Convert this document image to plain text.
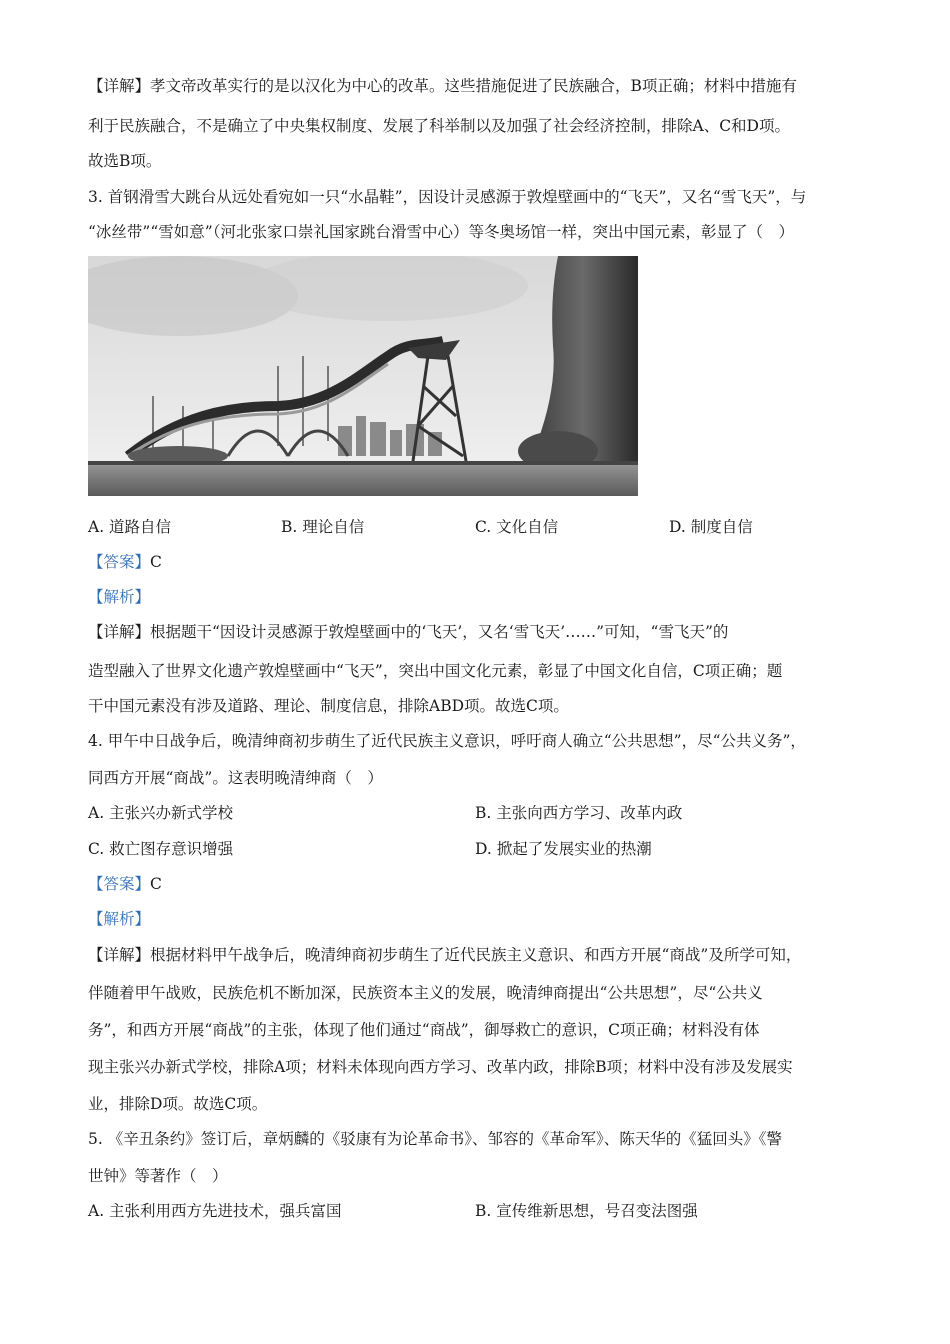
【详解】孝文帝改革实行的是以汉化为中心的改革。这些措施促进了民族融合，B项正确；材料中措施有
利于民族融合，不是确立了中央集权制度、发展了科举制以及加强了社会经济控制，排除A、C和D项。
故选B项。
3. 首钢滑雪大跳台从远处看宛如一只“水晶鞋”，因设计灵感源于敦煌壁画中的“飞天”，又名“雪飞天”，与
“冰丝带”“雪如意”（河北张家口崇礼国家跳台滑雪中心）等冬奥场馆一样，突出中国元素，彰显了（　）
A. 道路自信	B. 理论自信	C. 文化自信	D. 制度自信
【答案】C
【解析】
【详解】根据题干“因设计灵感源于敦煌壁画中的‘飞天’，又名‘雪飞天’……”可知，“雪飞天”的
造型融入了世界文化遗产敦煌壁画中“飞天”，突出中国文化元素，彰显了中国文化自信，C项正确；题
干中国元素没有涉及道路、理论、制度信息，排除ABD项。故选C项。
4. 甲午中日战争后，晚清绅商初步萌生了近代民族主义意识，呼吁商人确立“公共思想”，尽“公共义务”，
同西方开展“商战”。这表明晚清绅商（　）
A. 主张兴办新式学校	B. 主张向西方学习、改革内政
C. 救亡图存意识增强	D. 掀起了发展实业的热潮
【答案】C
【解析】
【详解】根据材料甲午战争后，晚清绅商初步萌生了近代民族主义意识、和西方开展“商战”及所学可知，
伴随着甲午战败，民族危机不断加深，民族资本主义的发展，晚清绅商提出“公共思想”，尽“公共义
务”，和西方开展“商战”的主张，体现了他们通过“商战”，御辱救亡的意识，C项正确；材料没有体
现主张兴办新式学校，排除A项；材料未体现向西方学习、改革内政，排除B项；材料中没有涉及发展实
业，排除D项。故选C项。
5. 《辛丑条约》签订后，章炳麟的《驳康有为论革命书》、邹容的《革命军》、陈天华的《猛回头》《警
世钟》等著作（　）
A. 主张利用西方先进技术，强兵富国	B. 宣传维新思想，号召变法图强
